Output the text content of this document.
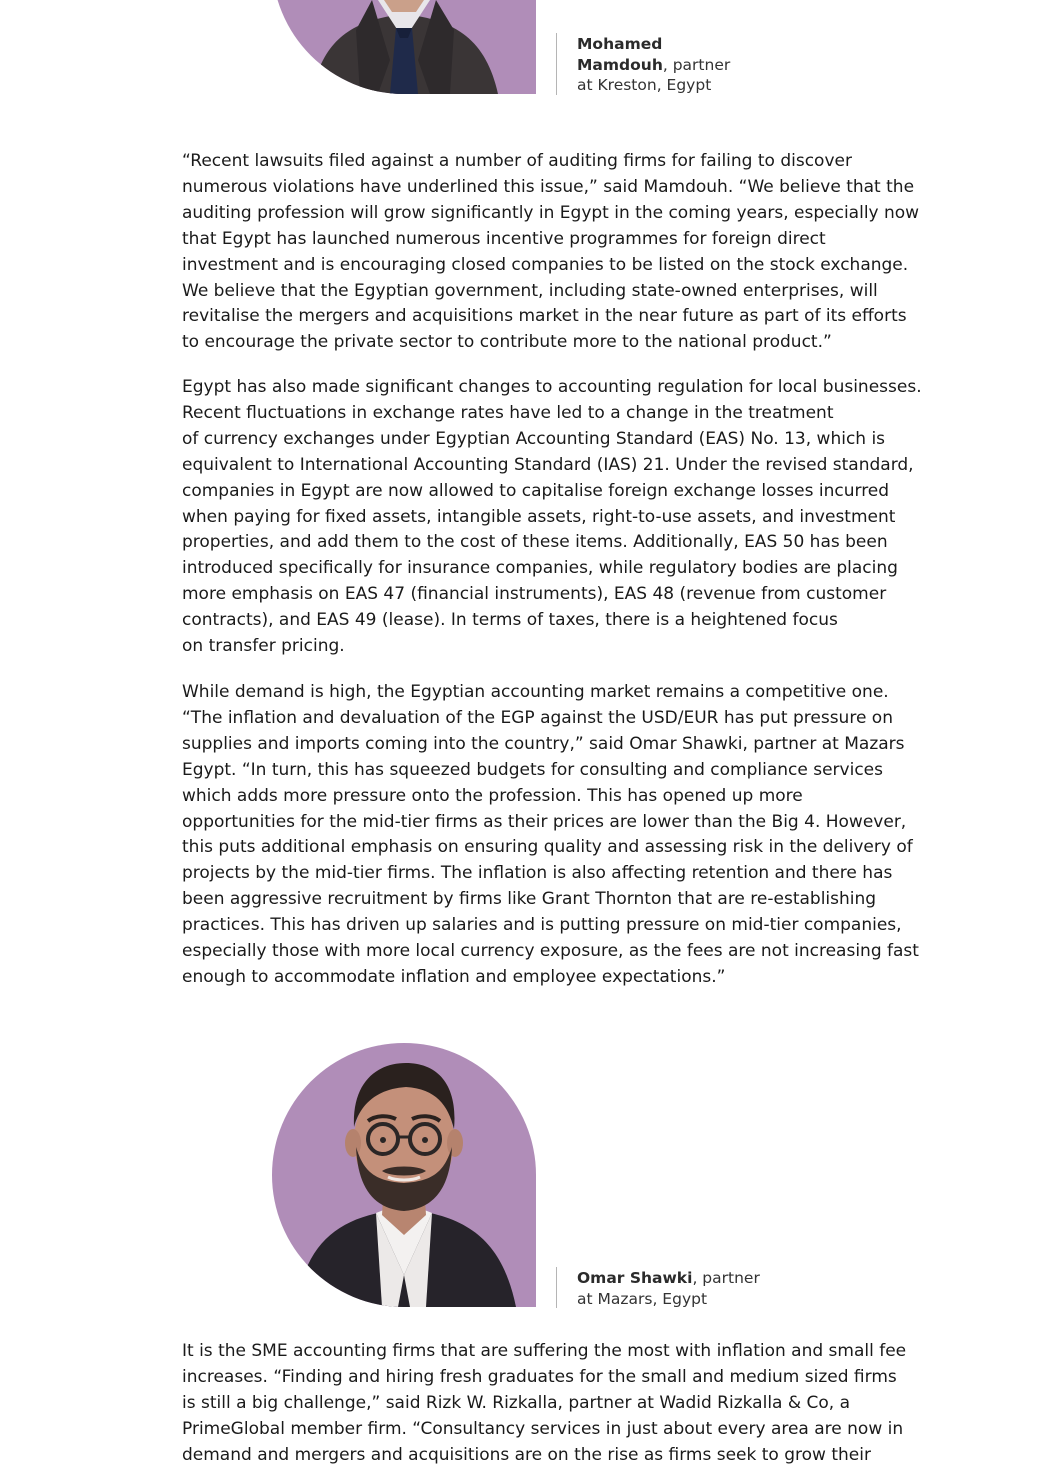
Mohamed
Mamdouh, partner
at Kreston, Egypt

“Recent lawsuits filed against a number of auditing firms for failing to discover
numerous violations have underlined this issue,” said Mamdouh. “We believe that the
auditing profession will grow significantly in Egypt in the coming years, especially now
that Egypt has launched numerous incentive programmes for foreign direct
investment and is encouraging closed companies to be listed on the stock exchange.
We believe that the Egyptian government, including state-owned enterprises, will
revitalise the mergers and acquisitions market in the near future as part of its efforts
to encourage the private sector to contribute more to the national product.”

Egypt has also made significant changes to accounting regulation for local businesses.
Recent fluctuations in exchange rates have led to a change in the treatment
of currency exchanges under Egyptian Accounting Standard (EAS) No. 13, which is
equivalent to International Accounting Standard (IAS) 21. Under the revised standard,
companies in Egypt are now allowed to capitalise foreign exchange losses incurred
when paying for fixed assets, intangible assets, right-to-use assets, and investment
properties, and add them to the cost of these items. Additionally, EAS 50 has been
introduced specifically for insurance companies, while regulatory bodies are placing
more emphasis on EAS 47 (financial instruments), EAS 48 (revenue from customer
contracts), and EAS 49 (lease). In terms of taxes, there is a heightened focus
on transfer pricing.

While demand is high, the Egyptian accounting market remains a competitive one.
“The inflation and devaluation of the EGP against the USD/EUR has put pressure on
supplies and imports coming into the country,” said Omar Shawki, partner at Mazars
Egypt. “In turn, this has squeezed budgets for consulting and compliance services
which adds more pressure onto the profession. This has opened up more
opportunities for the mid-tier firms as their prices are lower than the Big 4. However,
this puts additional emphasis on ensuring quality and assessing risk in the delivery of
projects by the mid-tier firms. The inflation is also affecting retention and there has
been aggressive recruitment by firms like Grant Thornton that are re-establishing
practices. This has driven up salaries and is putting pressure on mid-tier companies,
especially those with more local currency exposure, as the fees are not increasing fast
enough to accommodate inflation and employee expectations.”

Omar Shawki, partner
at Mazars, Egypt

It is the SME accounting firms that are suffering the most with inflation and small fee
increases. “Finding and hiring fresh graduates for the small and medium sized firms
is still a big challenge,” said Rizk W. Rizkalla, partner at Wadid Rizkalla & Co, a
PrimeGlobal member firm. “Consultancy services in just about every area are now in
demand and mergers and acquisitions are on the rise as firms seek to grow their
